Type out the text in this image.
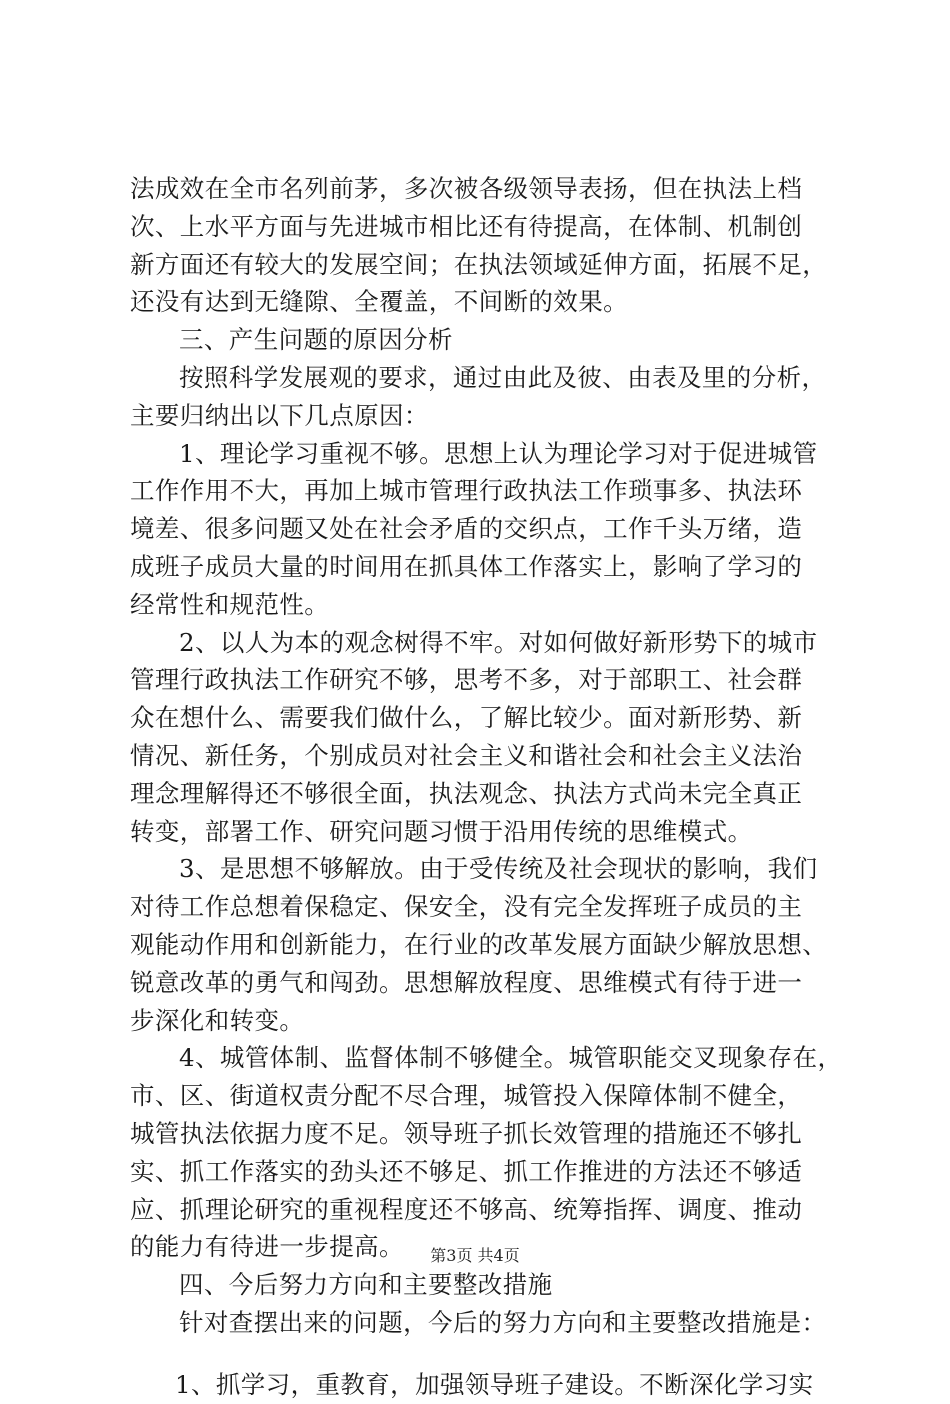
法成效在全市名列前茅，多次被各级领导表扬，但在执法上档
次、上水平方面与先进城市相比还有待提高，在体制、机制创
新方面还有较大的发展空间；在执法领域延伸方面，拓展不足，
还没有达到无缝隙、全覆盖，不间断的效果。
三、产生问题的原因分析
按照科学发展观的要求，通过由此及彼、由表及里的分析，
主要归纳出以下几点原因：
1、理论学习重视不够。思想上认为理论学习对于促进城管
工作作用不大，再加上城市管理行政执法工作琐事多、执法环
境差、很多问题又处在社会矛盾的交织点，工作千头万绪，造
成班子成员大量的时间用在抓具体工作落实上，影响了学习的
经常性和规范性。
2、以人为本的观念树得不牢。对如何做好新形势下的城市
管理行政执法工作研究不够，思考不多，对于部职工、社会群
众在想什么、需要我们做什么，了解比较少。面对新形势、新
情况、新任务，个别成员对社会主义和谐社会和社会主义法治
理念理解得还不够很全面，执法观念、执法方式尚未完全真正
转变，部署工作、研究问题习惯于沿用传统的思维模式。
3、是思想不够解放。由于受传统及社会现状的影响，我们
对待工作总想着保稳定、保安全，没有完全发挥班子成员的主
观能动作用和创新能力，在行业的改革发展方面缺少解放思想、
锐意改革的勇气和闯劲。思想解放程度、思维模式有待于进一
步深化和转变。
4、城管体制、监督体制不够健全。城管职能交叉现象存在，
市、区、街道权责分配不尽合理，城管投入保障体制不健全，
城管执法依据力度不足。领导班子抓长效管理的措施还不够扎
实、抓工作落实的劲头还不够足、抓工作推进的方法还不够适
应、抓理论研究的重视程度还不够高、统筹指挥、调度、推动
的能力有待进一步提高。
四、今后努力方向和主要整改措施
针对查摆出来的问题，今后的努力方向和主要整改措施是：
1、抓学习，重教育，加强领导班子建设。不断深化学习实
第3页 共4页
